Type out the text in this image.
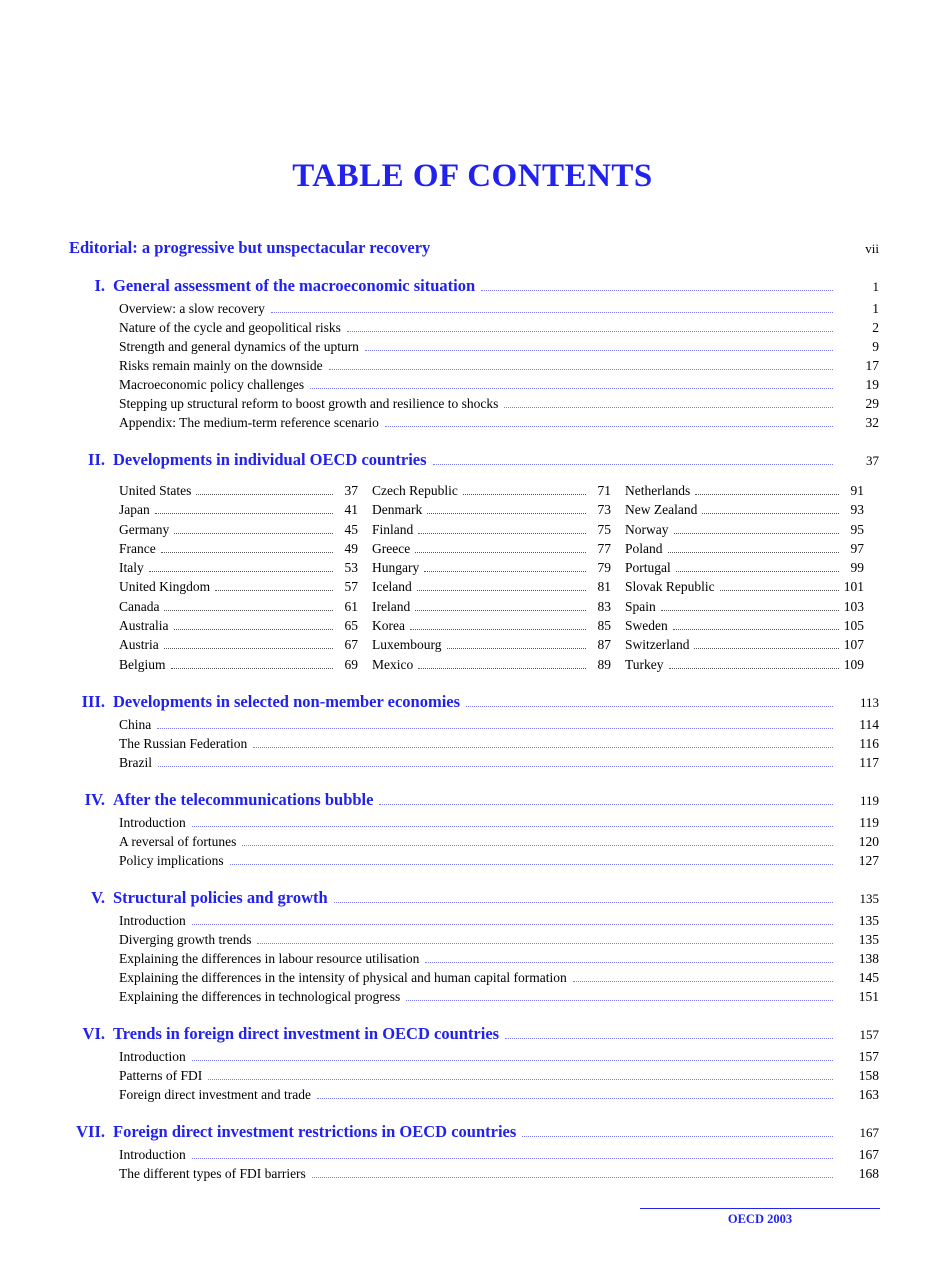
TABLE OF CONTENTS
Editorial: a progressive but unspectacular recovery	vii
I. General assessment of the macroeconomic situation	1
Overview: a slow recovery	1
Nature of the cycle and geopolitical risks	2
Strength and general dynamics of the upturn	9
Risks remain mainly on the downside	17
Macroeconomic policy challenges	19
Stepping up structural reform to boost growth and resilience to shocks	29
Appendix: The medium-term reference scenario	32
II. Developments in individual OECD countries	37
United States	37
Japan	41
Germany	45
France	49
Italy	53
United Kingdom	57
Canada	61
Australia	65
Austria	67
Belgium	69
Czech Republic	71
Denmark	73
Finland	75
Greece	77
Hungary	79
Iceland	81
Ireland	83
Korea	85
Luxembourg	87
Mexico	89
Netherlands	91
New Zealand	93
Norway	95
Poland	97
Portugal	99
Slovak Republic	101
Spain	103
Sweden	105
Switzerland	107
Turkey	109
III. Developments in selected non-member economies	113
China	114
The Russian Federation	116
Brazil	117
IV. After the telecommunications bubble	119
Introduction	119
A reversal of fortunes	120
Policy implications	127
V. Structural policies and growth	135
Introduction	135
Diverging growth trends	135
Explaining the differences in labour resource utilisation	138
Explaining the differences in the intensity of physical and human capital formation	145
Explaining the differences in technological progress	151
VI. Trends in foreign direct investment in OECD countries	157
Introduction	157
Patterns of FDI	158
Foreign direct investment and trade	163
VII. Foreign direct investment restrictions in OECD countries	167
Introduction	167
The different types of FDI barriers	168
OECD 2003
